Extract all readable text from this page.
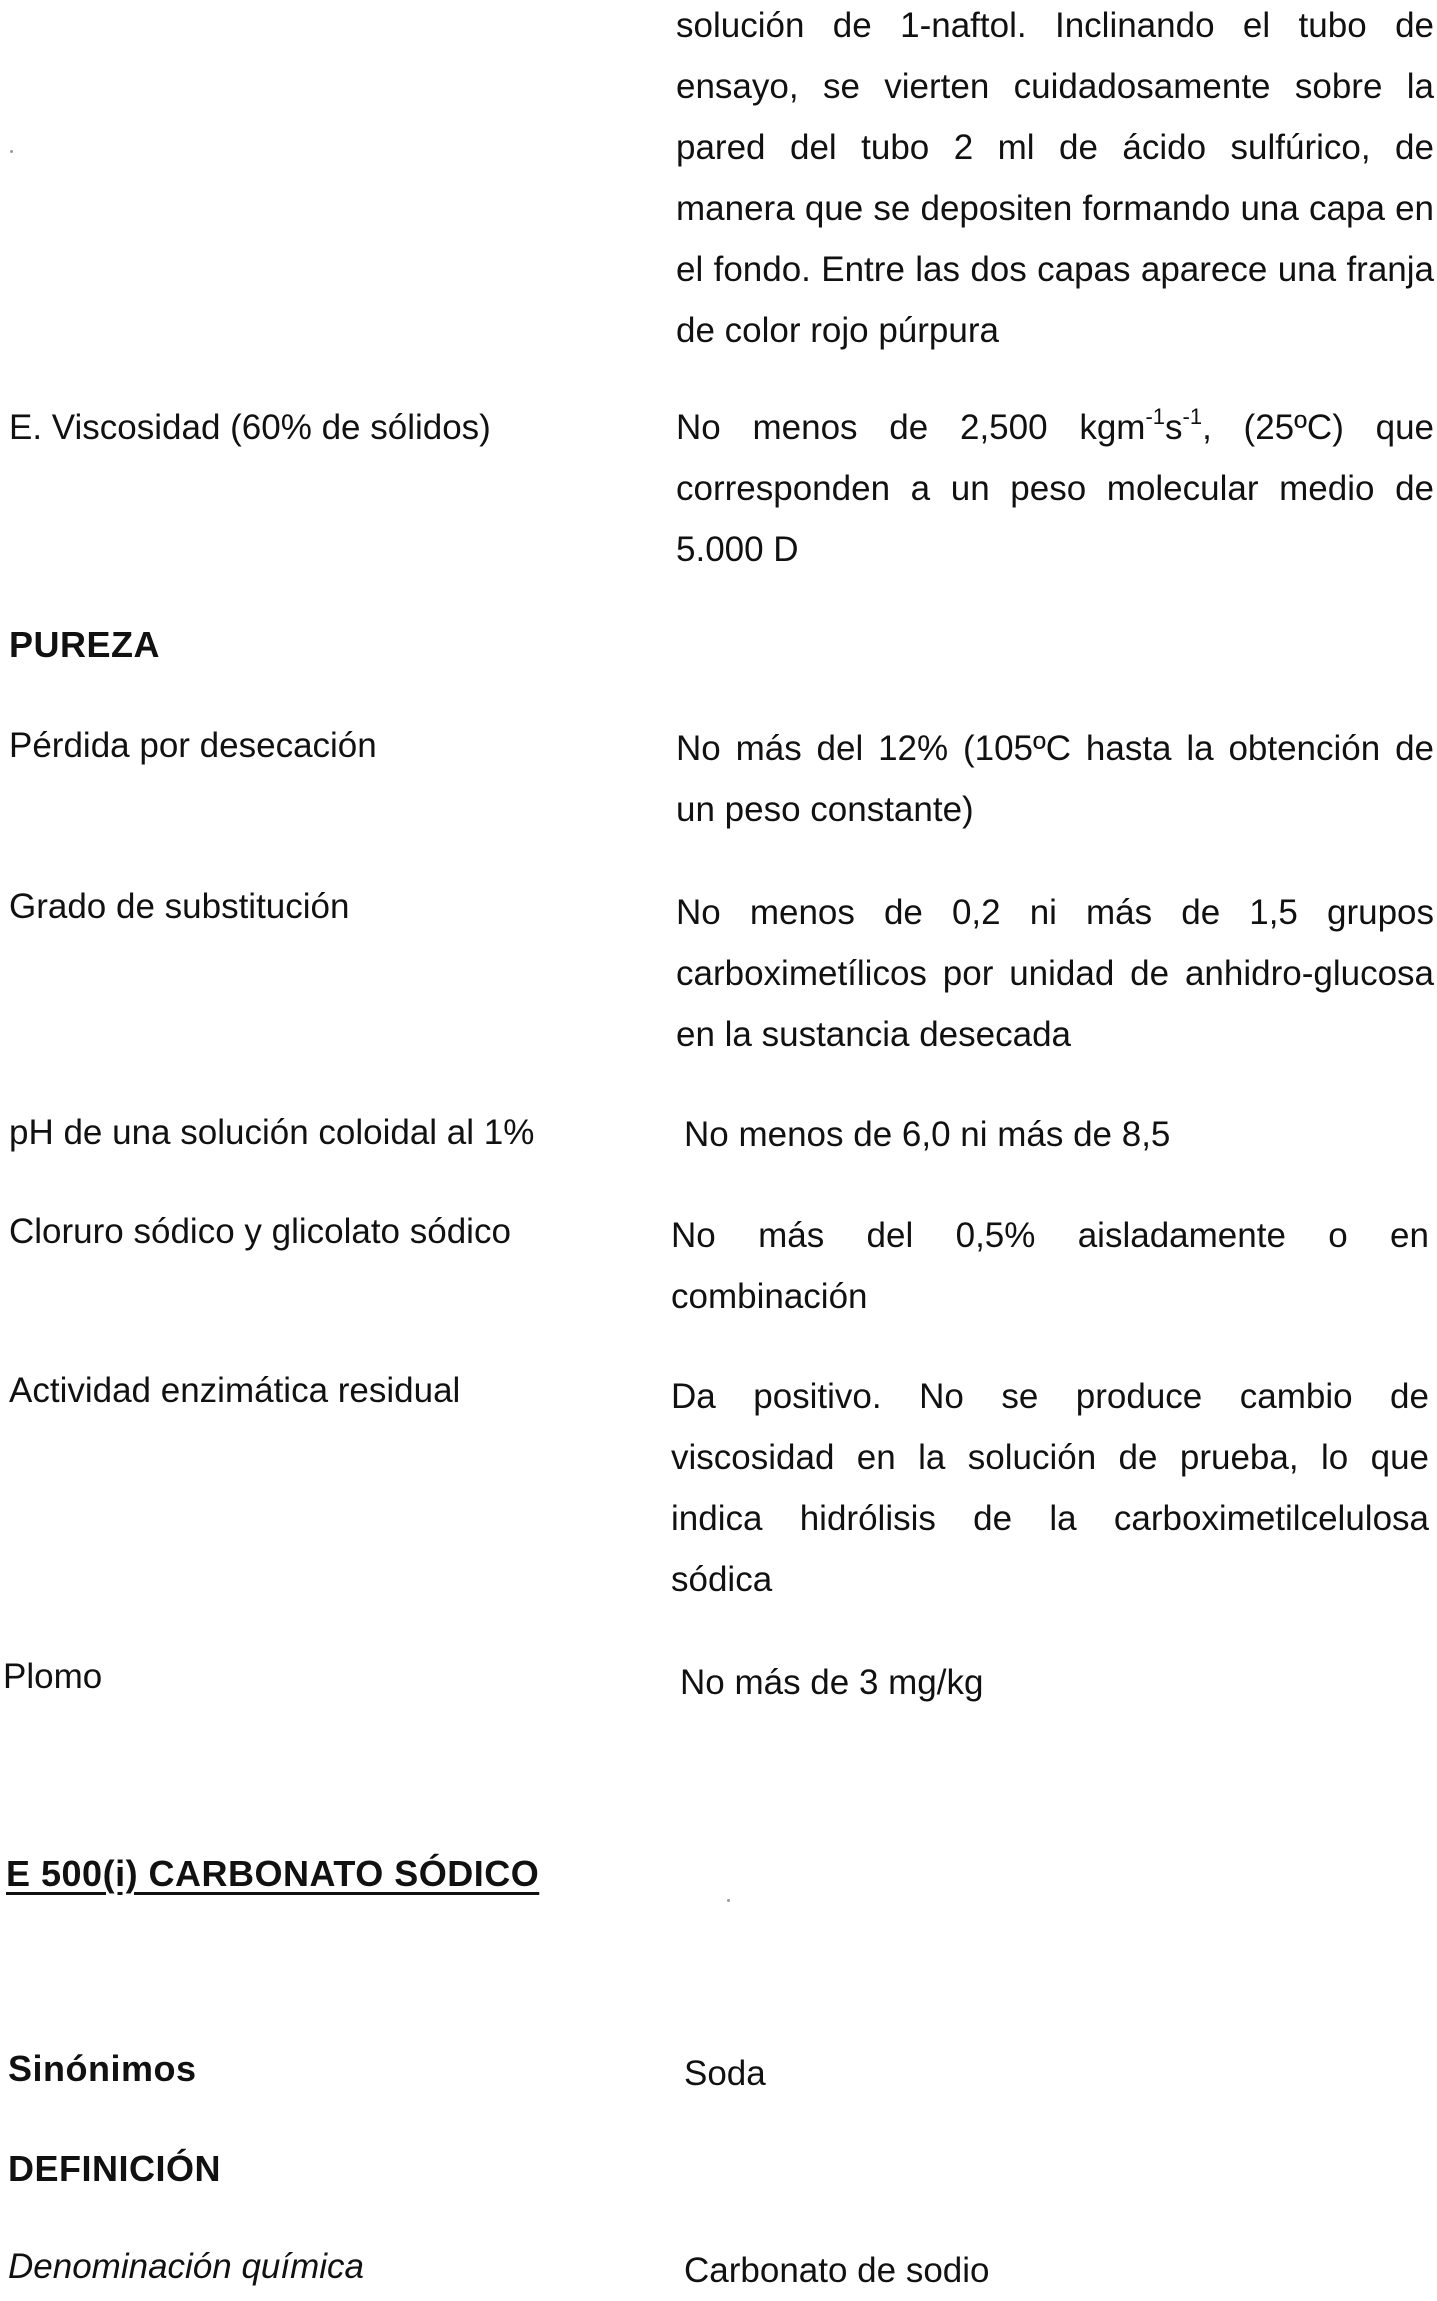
solución de 1-naftol. Inclinando el tubo de ensayo, se vierten cuidadosamente sobre la pared del tubo 2 ml de ácido sulfúrico, de manera que se depositen formando una capa en el fondo. Entre las dos capas aparece una franja de color rojo púrpura

E. Viscosidad (60% de sólidos)	No menos de 2,500 $kgm^{-1}s^{-1}$, (25ºC) que corresponden a un peso molecular medio de 5.000 D

PUREZA

Pérdida por desecación	No más del 12% (105ºC hasta la obtención de un peso constante)

Grado de substitución	No menos de 0,2 ni más de 1,5 grupos carboximetílicos por unidad de anhidro-glucosa en la sustancia desecada

pH de una solución coloidal al 1%	No menos de 6,0 ni más de 8,5

Cloruro sódico y glicolato sódico	No más del 0,5% aisladamente o en combinación

Actividad enzimática residual	Da positivo. No se produce cambio de viscosidad en la solución de prueba, lo que indica hidrólisis de la carboximetilcelulosa sódica

Plomo	No más de 3 mg/kg

E 500(i) CARBONATO SÓDICO

Sinónimos	Soda

DEFINICIÓN

Denominación química	Carbonato de sodio
